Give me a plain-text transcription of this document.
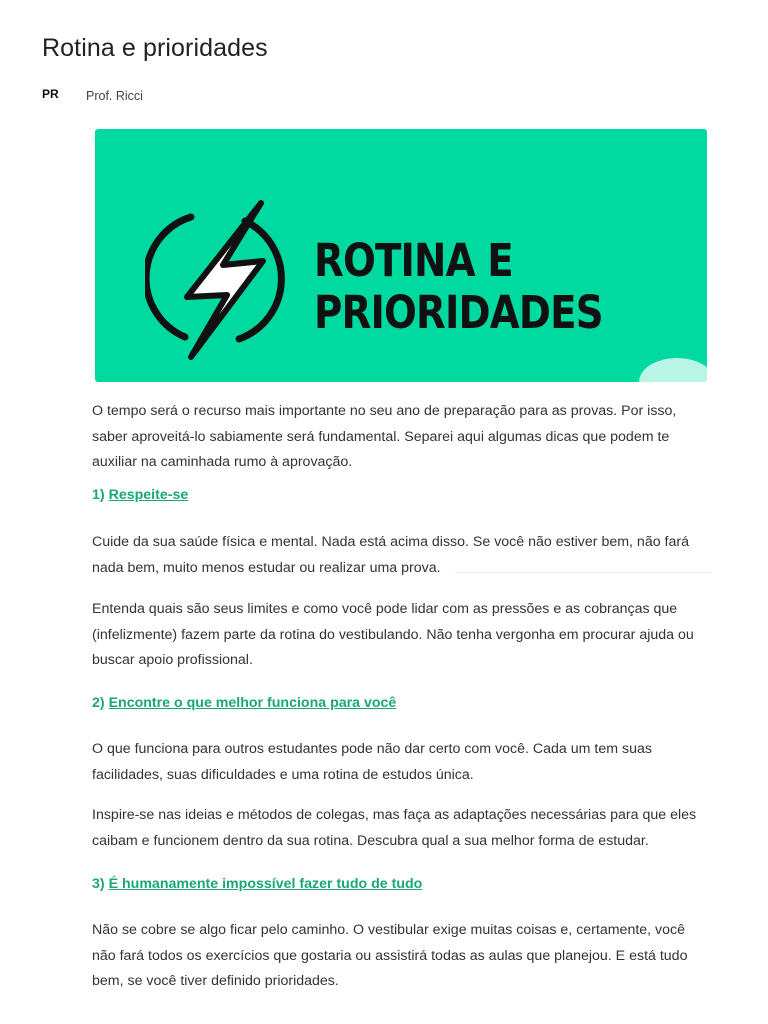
Rotina e prioridades
PR Prof. Ricci
ROTINA E
PRIORIDADES

O tempo será o recurso mais importante no seu ano de preparação para as provas. Por isso, saber aproveitá-lo sabiamente será fundamental. Separei aqui algumas dicas que podem te auxiliar na caminhada rumo à aprovação.

1) Respeite-se

Cuide da sua saúde física e mental. Nada está acima disso. Se você não estiver bem, não fará nada bem, muito menos estudar ou realizar uma prova.

Entenda quais são seus limites e como você pode lidar com as pressões e as cobranças que (infelizmente) fazem parte da rotina do vestibulando. Não tenha vergonha em procurar ajuda ou buscar apoio profissional.

2) Encontre o que melhor funciona para você

O que funciona para outros estudantes pode não dar certo com você. Cada um tem suas facilidades, suas dificuldades e uma rotina de estudos única.

Inspire-se nas ideias e métodos de colegas, mas faça as adaptações necessárias para que eles caibam e funcionem dentro da sua rotina. Descubra qual a sua melhor forma de estudar.

3) É humanamente impossível fazer tudo de tudo

Não se cobre se algo ficar pelo caminho. O vestibular exige muitas coisas e, certamente, você não fará todos os exercícios que gostaria ou assistirá todas as aulas que planejou. E está tudo bem, se você tiver definido prioridades.
